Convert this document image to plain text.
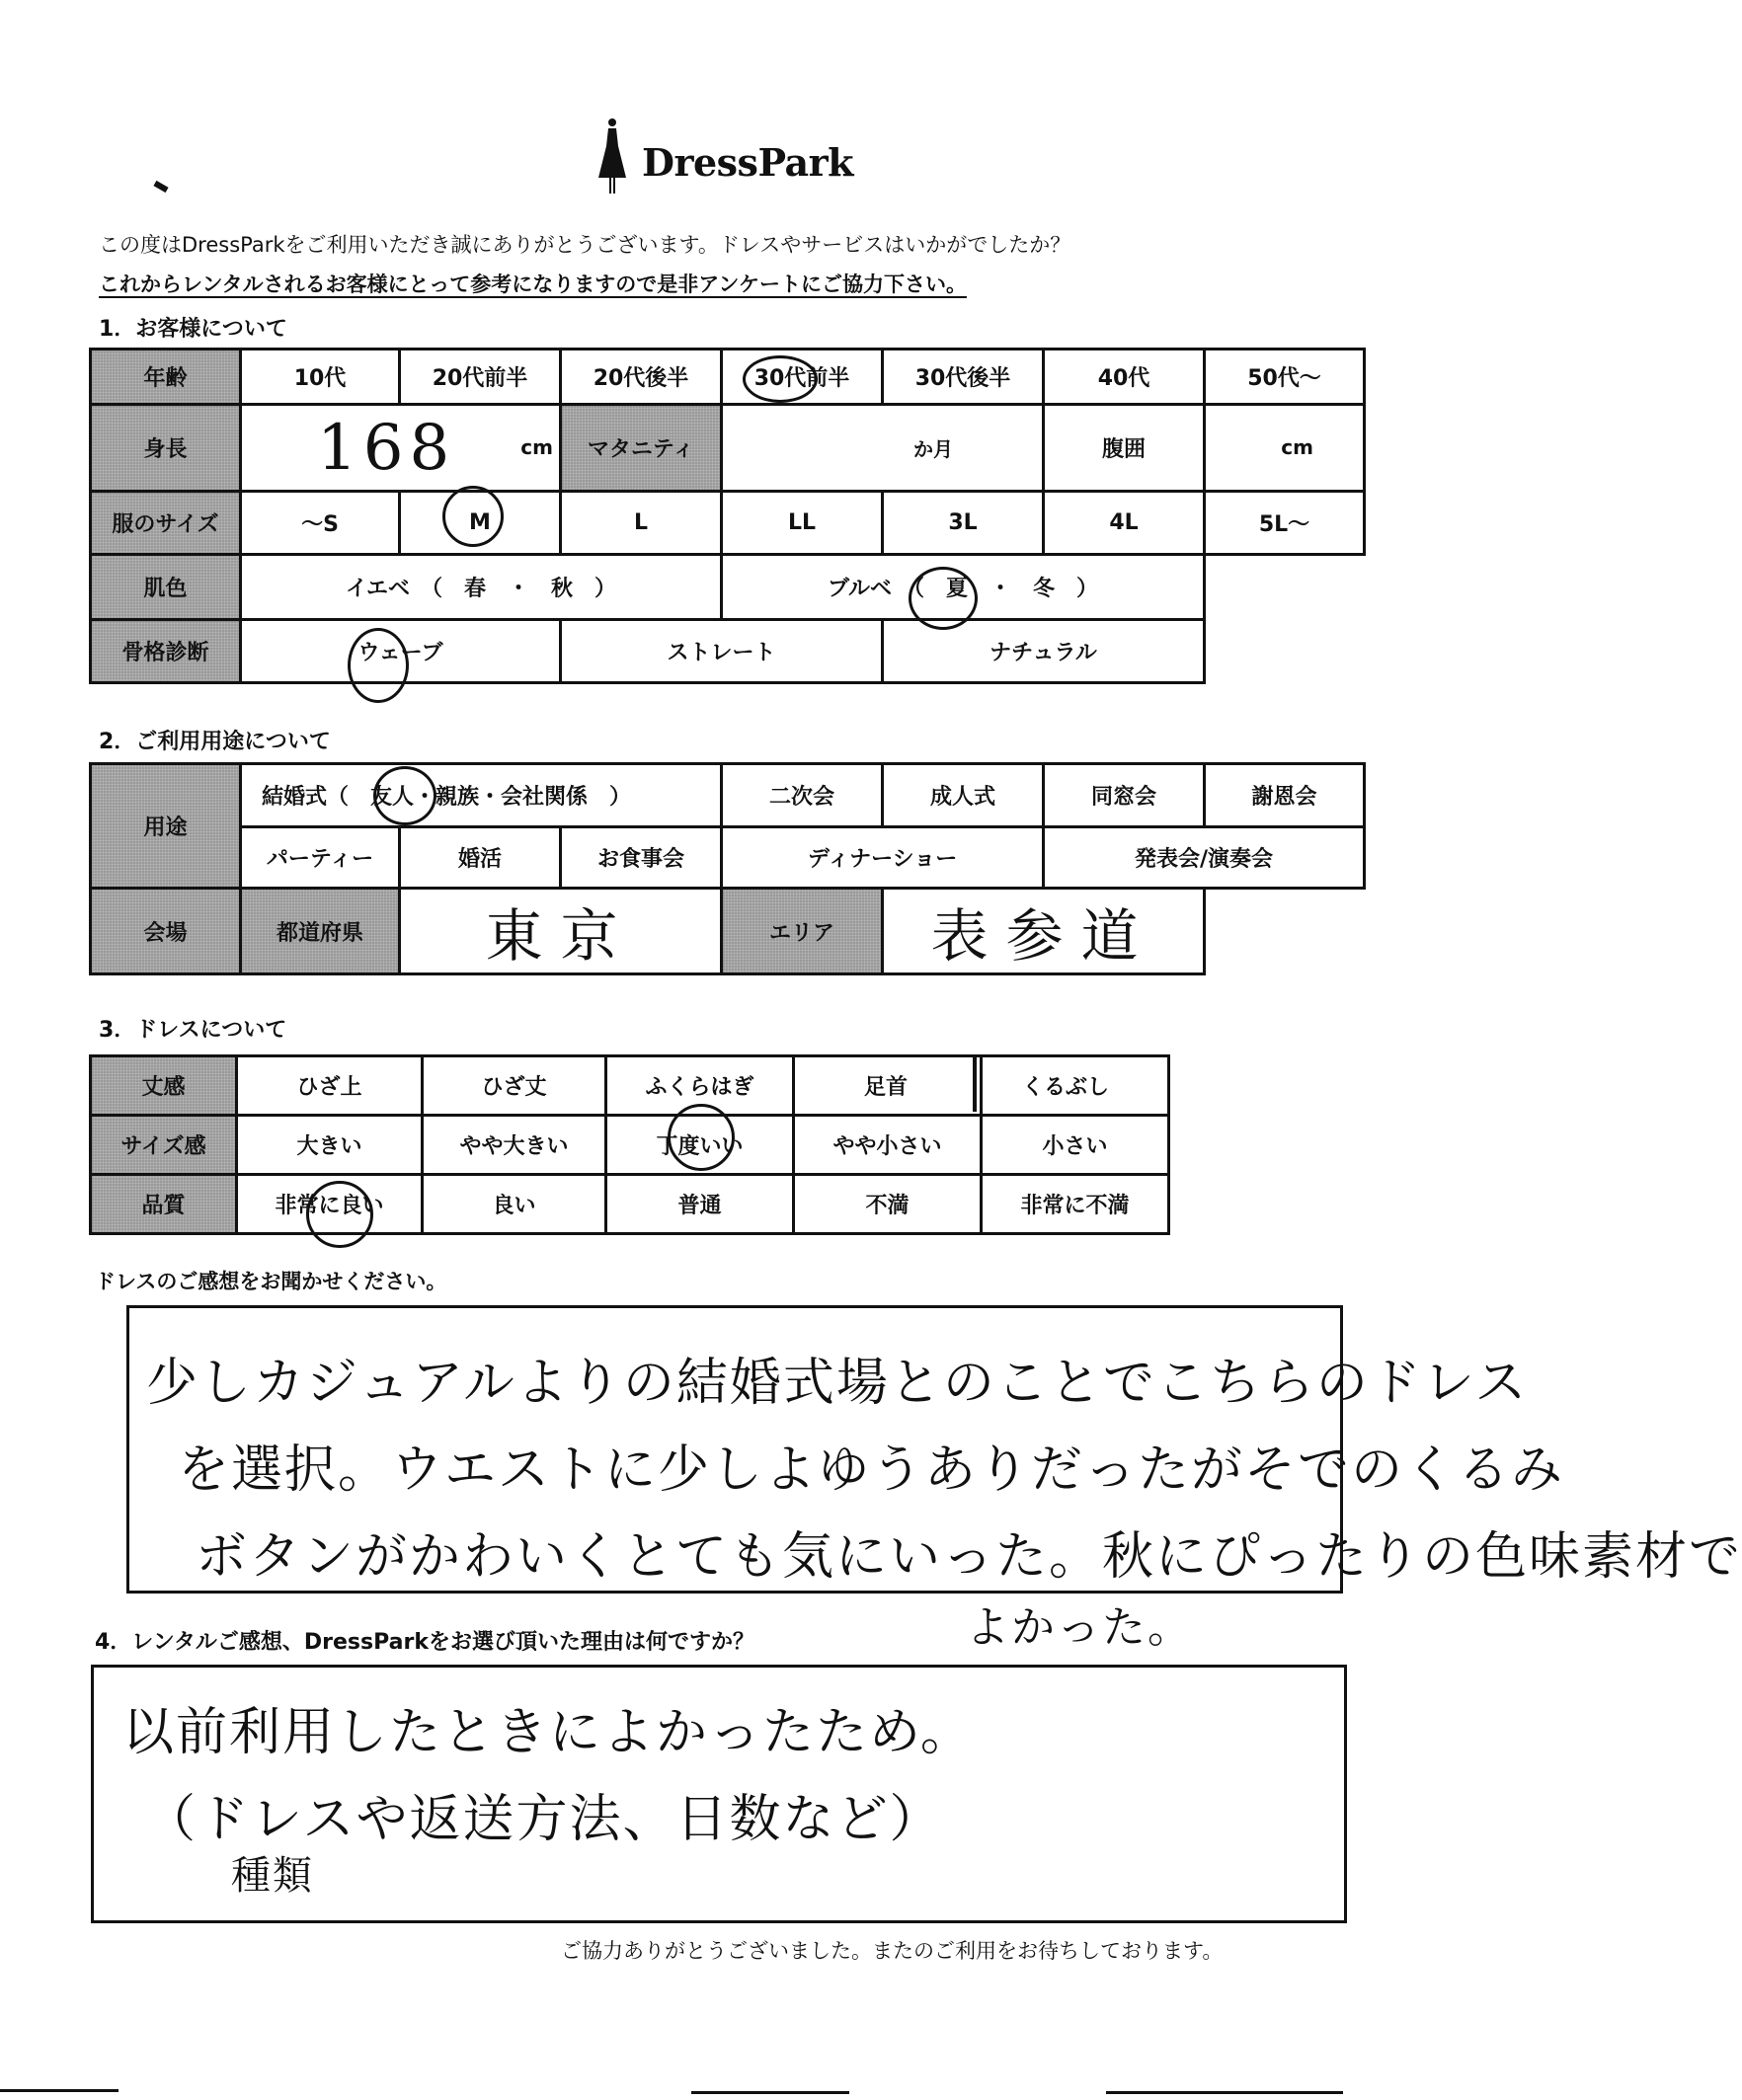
DressPark
この度はDressParkをご利用いただき誠にありがとうございます。ドレスやサービスはいかがでしたか？
これからレンタルされるお客様にとって参考になりますので是非アンケートにご協力下さい。
1．お客様について
年齢	10代	20代前半	20代後半	30代前半	30代後半	40代	50代～
身長	168 cm		マタニティ	か月		腹囲	cm
服のサイズ	～S	M	L	LL	3L	4L	5L～
肌色	イエベ　（　春　・　秋　）			ブルベ　（　夏　・　冬　）			
骨格診断	ウェーブ		ストレート		ナチュラル		
2．ご利用用途について
用途	結婚式（　友人・親族・会社関係　）			二次会	成人式	同窓会	謝恩会
	パーティー	婚活	お食事会	ディナーショー		発表会/演奏会	
会場	都道府県	東京		エリア	表参道		
3．ドレスについて
丈感	ひざ上	ひざ丈	ふくらはぎ	足首	くるぶし
サイズ感	大きい	やや大きい	丁度いい	やや小さい	小さい
品質	非常に良い	良い	普通	不満	非常に不満
ドレスのご感想をお聞かせください。
少しカジュアルよりの結婚式場とのことでこちらのドレス
を選択。ウエストに少しよゆうありだったがそでのくるみ
ボタンがかわいくとても気にいった。秋にぴったりの色味素材で
よかった。
4．レンタルご感想、DressParkをお選び頂いた理由は何ですか？
以前利用したときによかったため。
（ドレスや返送方法、日数など）
種類
ご協力ありがとうございました。またのご利用をお待ちしております。
